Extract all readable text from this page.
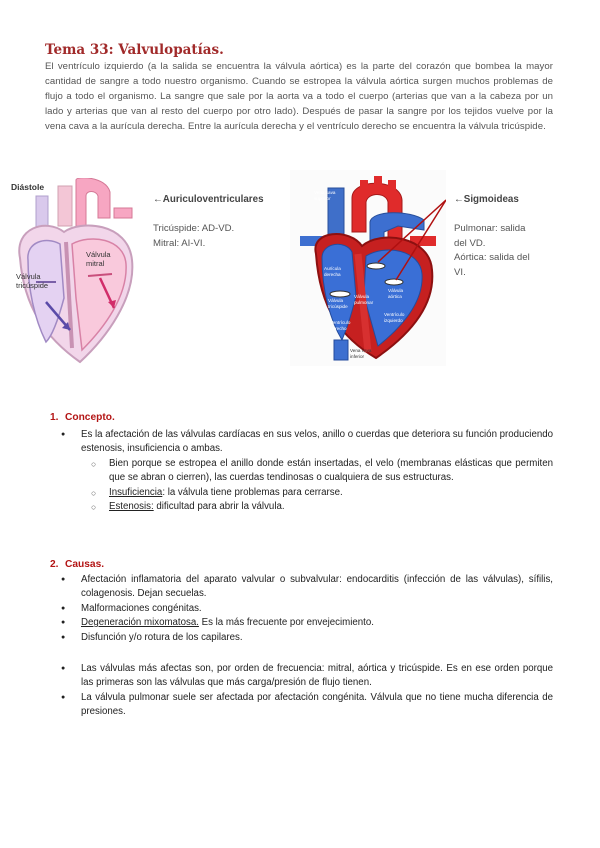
Tema 33: Valvulopatías.
El ventrículo izquierdo (a la salida se encuentra la válvula aórtica) es la parte del corazón que bombea la mayor cantidad de sangre a todo nuestro organismo. Cuando se estropea la válvula aórtica surgen muchos problemas de flujo a todo el organismo. La sangre que sale por la aorta va a todo el cuerpo (arterias que van a la cabeza por un lado y arterias que van al resto del cuerpo por otro lado). Después de pasar la sangre por los tejidos vuelve por la vena cava a la aurícula derecha. Entre la aurícula derecha y el ventrículo derecho se encuentra la válvula tricúspide.
Diástole
Válvula mitral
Válvula tricúspide
Vena cava superior
Aurícula derecha
Válvula tricúspide
Válvula pulmonar
Válvula aórtica
Ventrículo derecho
Ventrículo izquierdo
Vena cava inferior
←Auriculoventriculares
Tricúspide: AD-VD.
Mitral: AI-VI.
←Sigmoideas
Pulmonar: salida
del VD.
Aórtica: salida del
VI.
1. Concepto.
● Es la afectación de las válvulas cardíacas en sus velos, anillo o cuerdas que deteriora su función produciendo estenosis, insuficiencia o ambas.
○ Bien porque se estropea el anillo donde están insertadas, el velo (membranas elásticas que permiten que se abran o cierren), las cuerdas tendinosas o cualquiera de sus estructuras.
○ Insuficiencia: la válvula tiene problemas para cerrarse.
○ Estenosis: dificultad para abrir la válvula.
2. Causas.
● Afectación inflamatoria del aparato valvular o subvalvular: endocarditis (infección de las válvulas), sífilis, colagenosis. Dejan secuelas.
● Malformaciones congénitas.
● Degeneración mixomatosa. Es la más frecuente por envejecimiento.
● Disfunción y/o rotura de los capilares.
● Las válvulas más afectas son, por orden de frecuencia: mitral, aórtica y tricúspide. Es en ese orden porque las primeras son las válvulas que más carga/presión de flujo tienen.
● La válvula pulmonar suele ser afectada por afectación congénita. Válvula que no tiene mucha diferencia de presiones.
